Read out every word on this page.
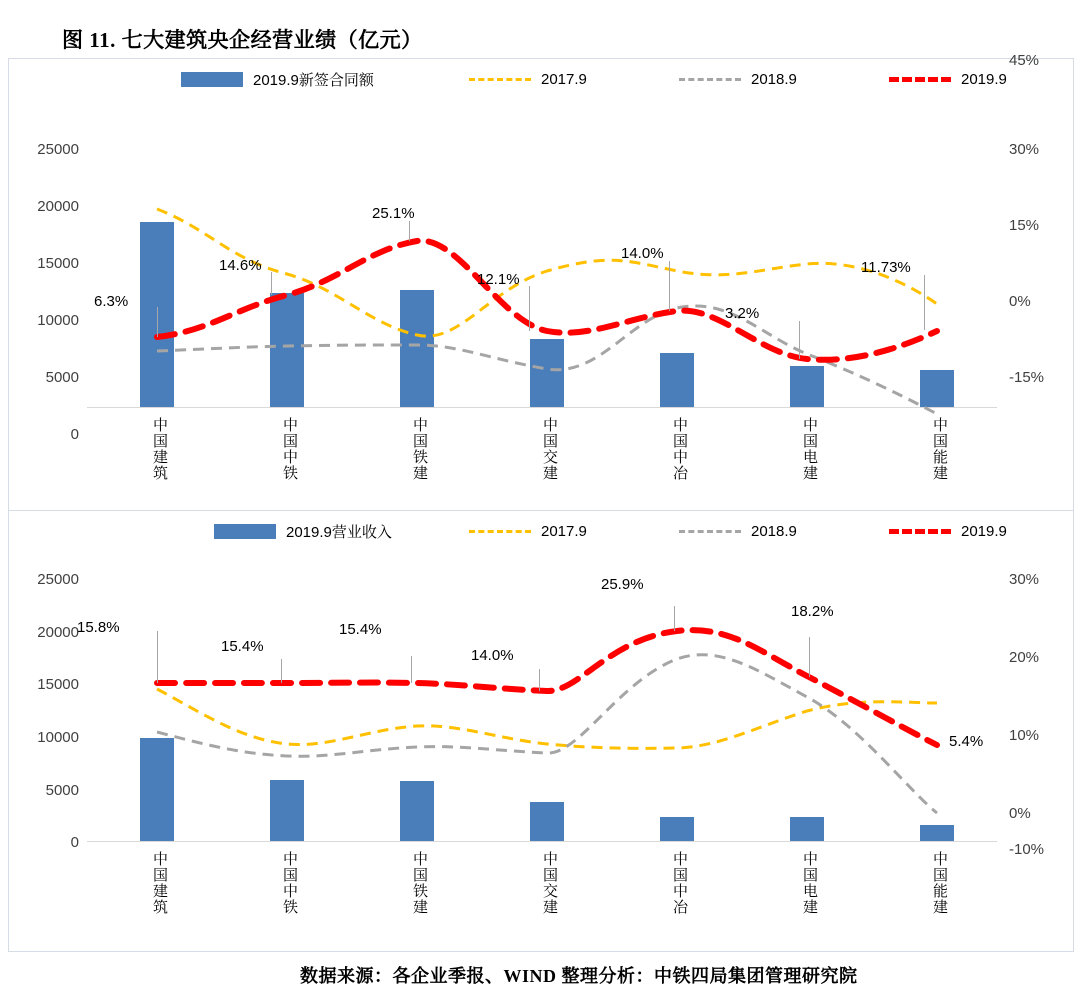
图 11. 七大建筑央企经营业绩（亿元）
2019.9新签合同额	2017.9	2018.9	2019.9
25000
20000
15000
10000
5000
0
30%
15%
0%
-15%
45%
6.3%
14.6%
25.1%
12.1%
14.0%
3.2%
11.73%
中国建筑	中国中铁	中国铁建	中国交建	中国中冶	中国电建	中国能建
2019.9营业收入	2017.9	2018.9	2019.9
25000
20000
15000
10000
5000
0
30%
20%
10%
0%
-10%
15.8%
15.4%
15.4%
14.0%
25.9%
18.2%
5.4%
中国建筑	中国中铁	中国铁建	中国交建	中国中冶	中国电建	中国能建
数据来源：各企业季报、WIND 整理分析：中铁四局集团管理研究院
